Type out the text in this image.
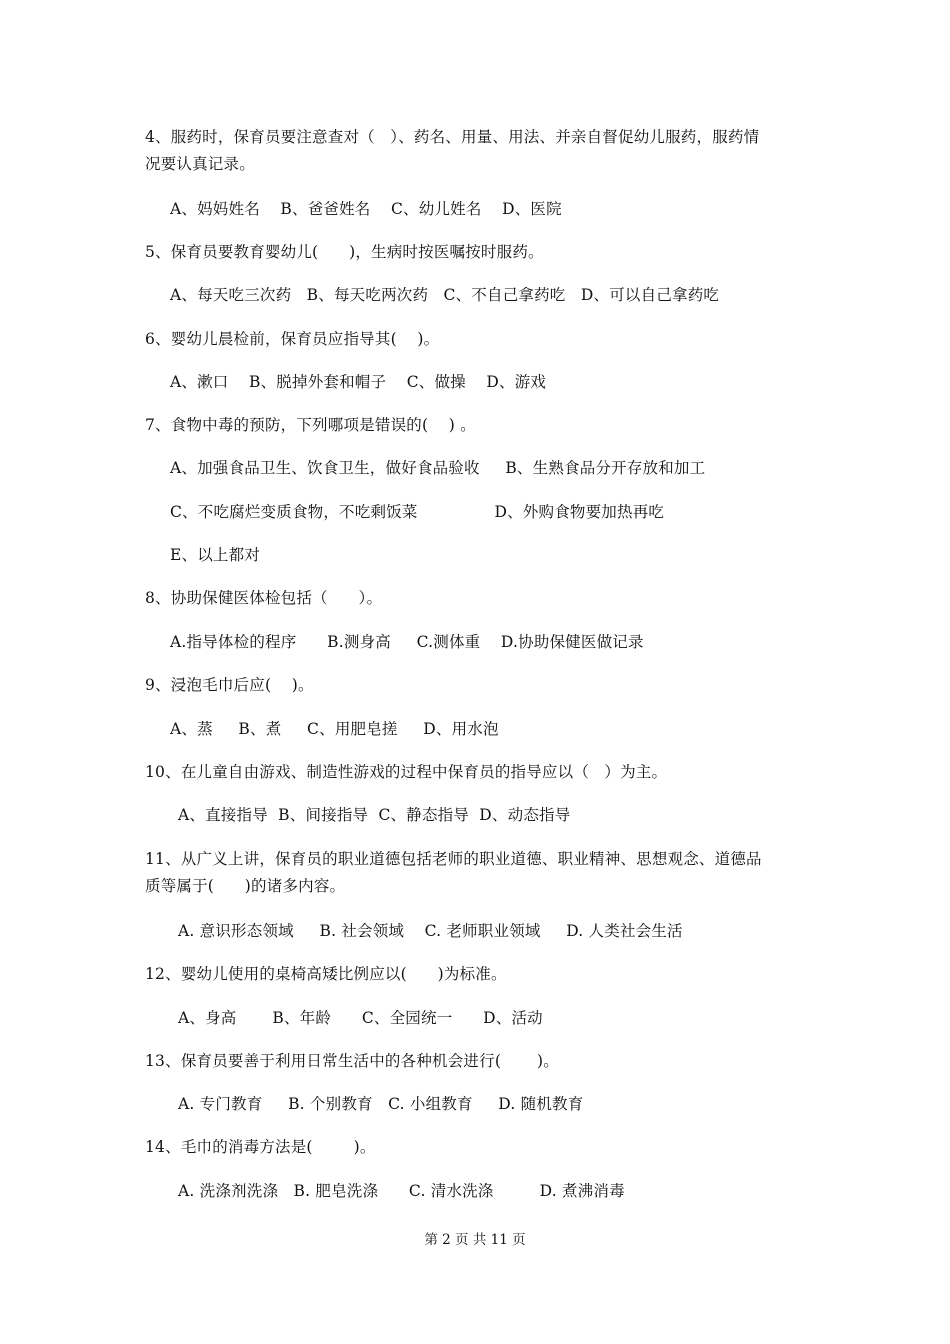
4、服药时，保育员要注意查对（   ）、药名、用量、用法、并亲自督促幼儿服药，服药情
况要认真记录。
A、妈妈姓名    B、爸爸姓名    C、幼儿姓名    D、医院
5、保育员要教育婴幼儿(      )，生病时按医嘱按时服药。
A、每天吃三次药   B、每天吃两次药   C、不自己拿药吃   D、可以自己拿药吃
6、婴幼儿晨检前，保育员应指导其(    )。
A、漱口    B、脱掉外套和帽子    C、做操    D、游戏
7、食物中毒的预防，下列哪项是错误的(    ) 。
A、加强食品卫生、饮食卫生，做好食品验收     B、生熟食品分开存放和加工
C、不吃腐烂变质食物，不吃剩饭菜               D、外购食物要加热再吃
E、以上都对
8、协助保健医体检包括（      ）。
A.指导体检的程序      B.测身高     C.测体重    D.协助保健医做记录
9、浸泡毛巾后应(    )。
A、蒸     B、煮     C、用肥皂搓     D、用水泡
10、在儿童自由游戏、制造性游戏的过程中保育员的指导应以（   ）为主。
A、直接指导  B、间接指导  C、静态指导  D、动态指导
11、从广义上讲，保育员的职业道德包括老师的职业道德、职业精神、思想观念、道德品
质等属于(      )的诸多内容。
A. 意识形态领域     B. 社会领域    C. 老师职业领域     D. 人类社会生活
12、婴幼儿使用的桌椅高矮比例应以(      )为标准。
A、身高       B、年龄      C、全园统一      D、活动
13、保育员要善于利用日常生活中的各种机会进行(       )。
A. 专门教育     B. 个别教育   C. 小组教育     D. 随机教育
14、毛巾的消毒方法是(        )。
A. 洗涤剂洗涤   B. 肥皂洗涤      C. 清水洗涤         D. 煮沸消毒
第 2 页 共 11 页
